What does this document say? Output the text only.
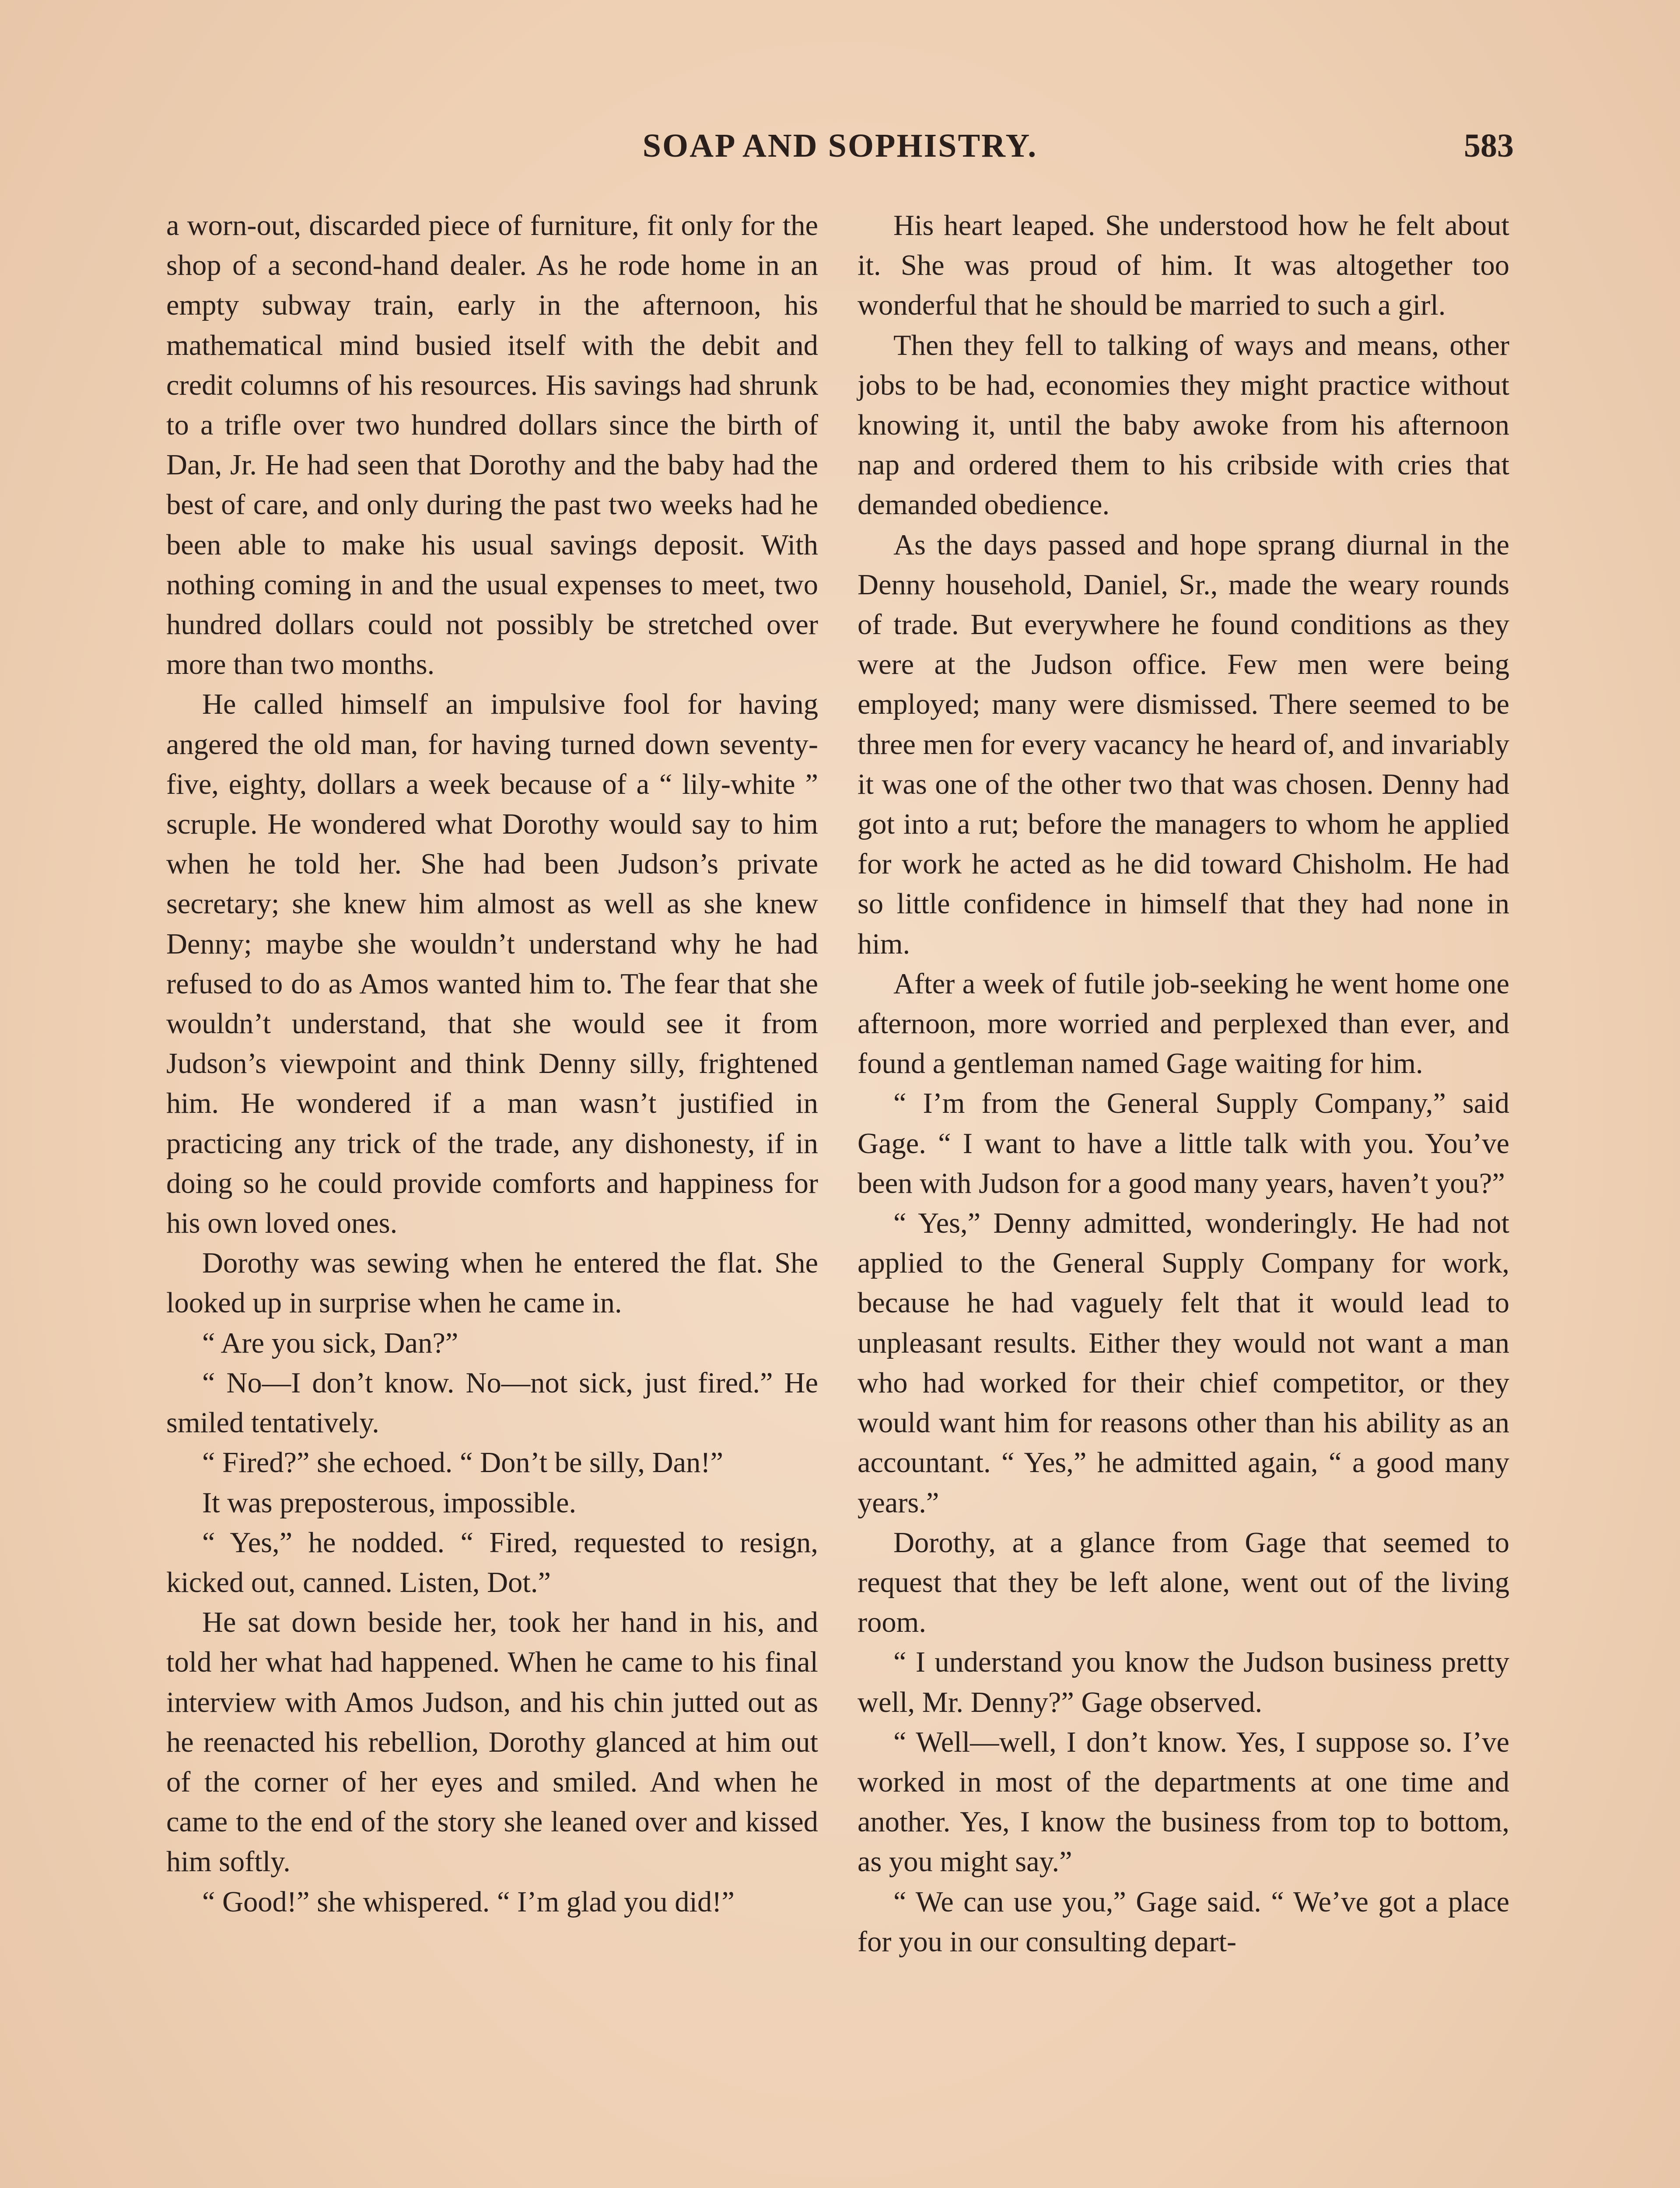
SOAP AND SOPHISTRY.	583

a worn-out, discarded piece of furniture, fit only for the shop of a second-hand dealer. As he rode home in an empty subway train, early in the afternoon, his mathematical mind busied itself with the debit and credit columns of his resources. His savings had shrunk to a trifle over two hundred dollars since the birth of Dan, Jr. He had seen that Dorothy and the baby had the best of care, and only during the past two weeks had he been able to make his usual savings deposit. With nothing coming in and the usual expenses to meet, two hundred dollars could not possibly be stretched over more than two months.

He called himself an impulsive fool for having angered the old man, for having turned down seventy-five, eighty, dollars a week because of a “ lily-white ” scruple. He wondered what Dorothy would say to him when he told her. She had been Judson’s private secretary; she knew him almost as well as she knew Denny; maybe she wouldn’t understand why he had refused to do as Amos wanted him to. The fear that she wouldn’t understand, that she would see it from Judson’s viewpoint and think Denny silly, frightened him. He wondered if a man wasn’t justified in practicing any trick of the trade, any dishonesty, if in doing so he could provide comforts and happiness for his own loved ones.

Dorothy was sewing when he entered the flat. She looked up in surprise when he came in.

“ Are you sick, Dan?”

“ No—I don’t know. No—not sick, just fired.” He smiled tentatively.

“ Fired?” she echoed. “ Don’t be silly, Dan!”

It was preposterous, impossible.

“ Yes,” he nodded. “ Fired, requested to resign, kicked out, canned. Listen, Dot.”

He sat down beside her, took her hand in his, and told her what had happened. When he came to his final interview with Amos Judson, and his chin jutted out as he reenacted his rebellion, Dorothy glanced at him out of the corner of her eyes and smiled. And when he came to the end of the story she leaned over and kissed him softly.

“ Good!” she whispered. “ I’m glad you did!”

His heart leaped. She understood how he felt about it. She was proud of him. It was altogether too wonderful that he should be married to such a girl.

Then they fell to talking of ways and means, other jobs to be had, economies they might practice without knowing it, until the baby awoke from his afternoon nap and ordered them to his cribside with cries that demanded obedience.

As the days passed and hope sprang diurnal in the Denny household, Daniel, Sr., made the weary rounds of trade. But everywhere he found conditions as they were at the Judson office. Few men were being employed; many were dismissed. There seemed to be three men for every vacancy he heard of, and invariably it was one of the other two that was chosen. Denny had got into a rut; before the managers to whom he applied for work he acted as he did toward Chisholm. He had so little confidence in himself that they had none in him.

After a week of futile job-seeking he went home one afternoon, more worried and perplexed than ever, and found a gentleman named Gage waiting for him.

“ I’m from the General Supply Company,” said Gage. “ I want to have a little talk with you. You’ve been with Judson for a good many years, haven’t you?”

“ Yes,” Denny admitted, wonderingly. He had not applied to the General Supply Company for work, because he had vaguely felt that it would lead to unpleasant results. Either they would not want a man who had worked for their chief competitor, or they would want him for reasons other than his ability as an accountant. “ Yes,” he admitted again, “ a good many years.”

Dorothy, at a glance from Gage that seemed to request that they be left alone, went out of the living room.

“ I understand you know the Judson business pretty well, Mr. Denny?” Gage observed.

“ Well—well, I don’t know. Yes, I suppose so. I’ve worked in most of the departments at one time and another. Yes, I know the business from top to bottom, as you might say.”

“ We can use you,” Gage said. “ We’ve got a place for you in our consulting depart-
